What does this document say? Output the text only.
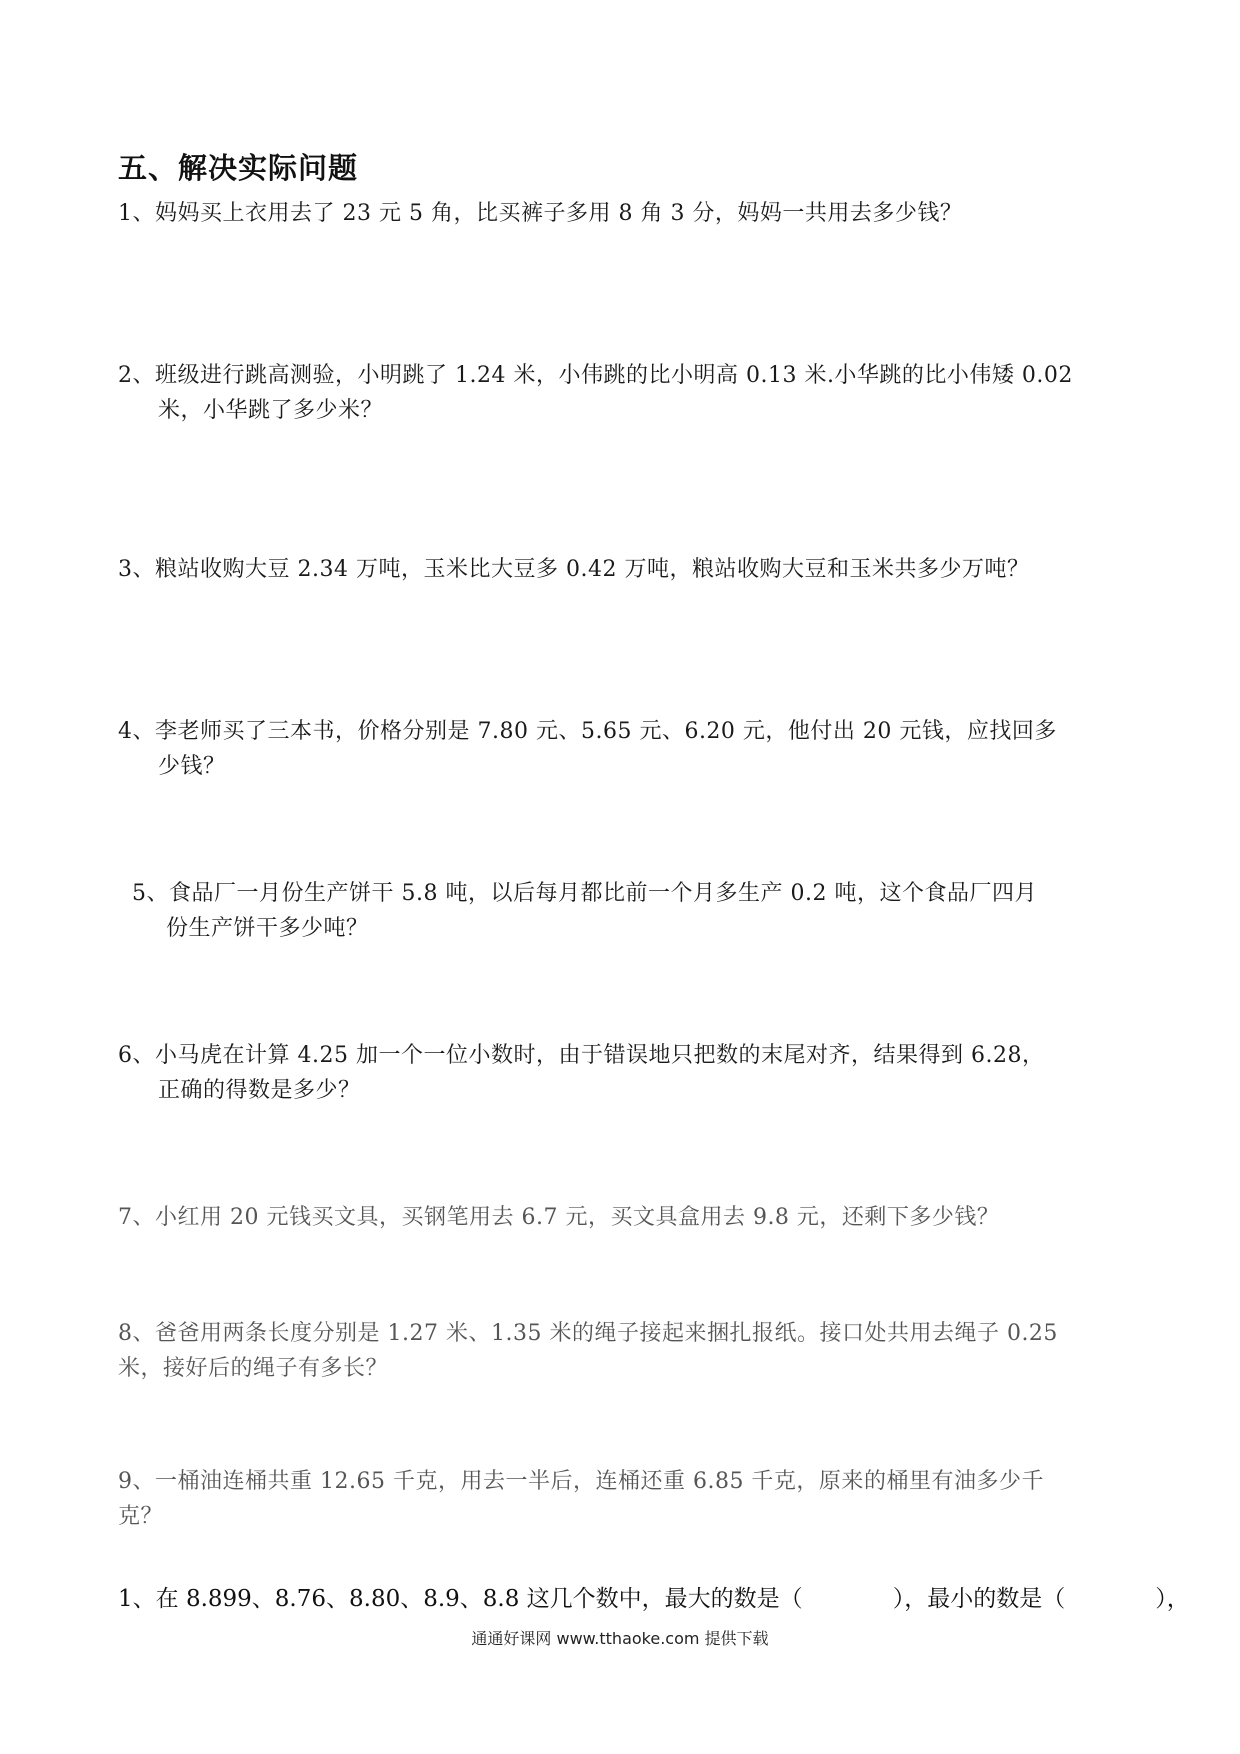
五、解决实际问题
1、妈妈买上衣用去了 23 元 5 角，比买裤子多用 8 角 3 分，妈妈一共用去多少钱？
2、班级进行跳高测验，小明跳了 1.24 米，小伟跳的比小明高 0.13 米.小华跳的比小伟矮 0.02
米，小华跳了多少米？
3、粮站收购大豆 2.34 万吨，玉米比大豆多 0.42 万吨，粮站收购大豆和玉米共多少万吨？
4、李老师买了三本书，价格分别是 7.80 元、5.65 元、6.20 元，他付出 20 元钱，应找回多
少钱？
5、食品厂一月份生产饼干 5.8 吨，以后每月都比前一个月多生产 0.2 吨，这个食品厂四月
份生产饼干多少吨？
6、小马虎在计算 4.25 加一个一位小数时，由于错误地只把数的末尾对齐，结果得到 6.28，
正确的得数是多少？
7、小红用 20 元钱买文具，买钢笔用去 6.7 元，买文具盒用去 9.8 元，还剩下多少钱？
8、爸爸用两条长度分别是 1.27 米、1.35 米的绳子接起来捆扎报纸。接口处共用去绳子 0.25
米，接好后的绳子有多长？
9、一桶油连桶共重 12.65 千克，用去一半后，连桶还重 6.85 千克，原来的桶里有油多少千
克？
1、在 8.899、8.76、8.80、8.9、8.8 这几个数中，最大的数是（	），最小的数是（	），
通通好课网 www.tthaoke.com 提供下载
